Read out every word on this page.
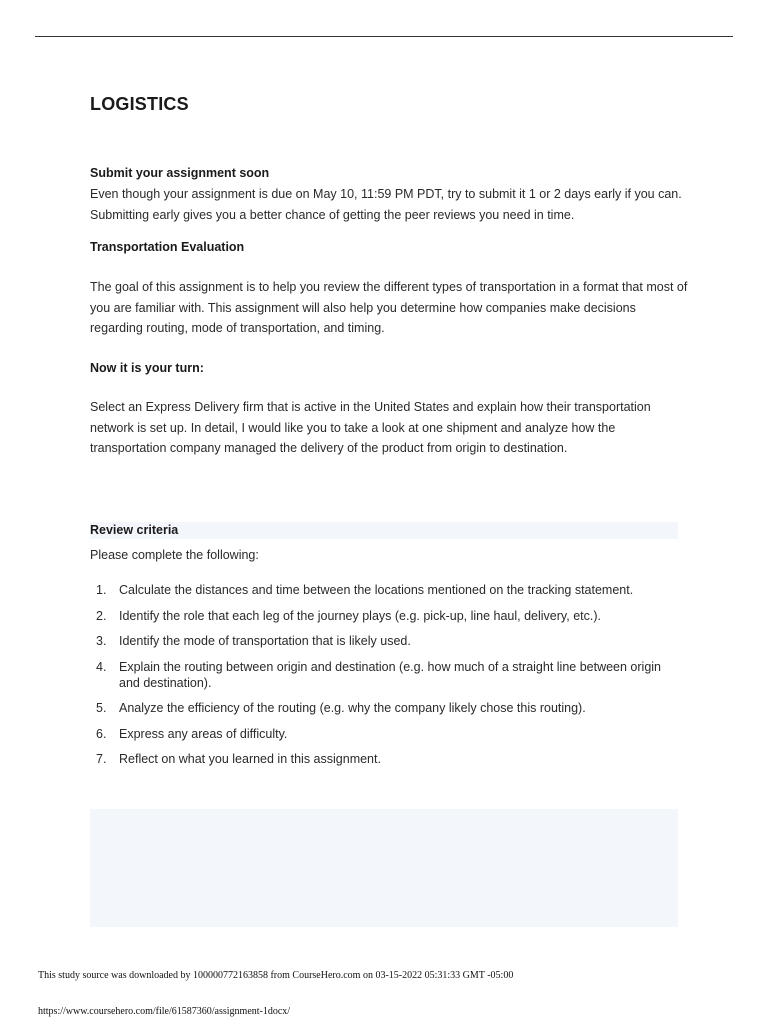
LOGISTICS
Submit your assignment soon
Even though your assignment is due on May 10, 11:59 PM PDT, try to submit it 1 or 2 days early if you can. Submitting early gives you a better chance of getting the peer reviews you need in time.
Transportation Evaluation
The goal of this assignment is to help you review the different types of transportation in a format that most of you are familiar with. This assignment will also help you determine how companies make decisions regarding routing, mode of transportation, and timing.
Now it is your turn:
Select an Express Delivery firm that is active in the United States and explain how their transportation network is set up. In detail, I would like you to take a look at one shipment and analyze how the transportation company managed the delivery of the product from origin to destination.
Review criteria
Please complete the following:
1. Calculate the distances and time between the locations mentioned on the tracking statement.
2. Identify the role that each leg of the journey plays (e.g. pick-up, line haul, delivery, etc.).
3. Identify the mode of transportation that is likely used.
4. Explain the routing between origin and destination (e.g. how much of a straight line between origin and destination).
5. Analyze the efficiency of the routing (e.g. why the company likely chose this routing).
6. Express any areas of difficulty.
7. Reflect on what you learned in this assignment.
This study source was downloaded by 100000772163858 from CourseHero.com on 03-15-2022 05:31:33 GMT -05:00
https://www.coursehero.com/file/61587360/assignment-1docx/
